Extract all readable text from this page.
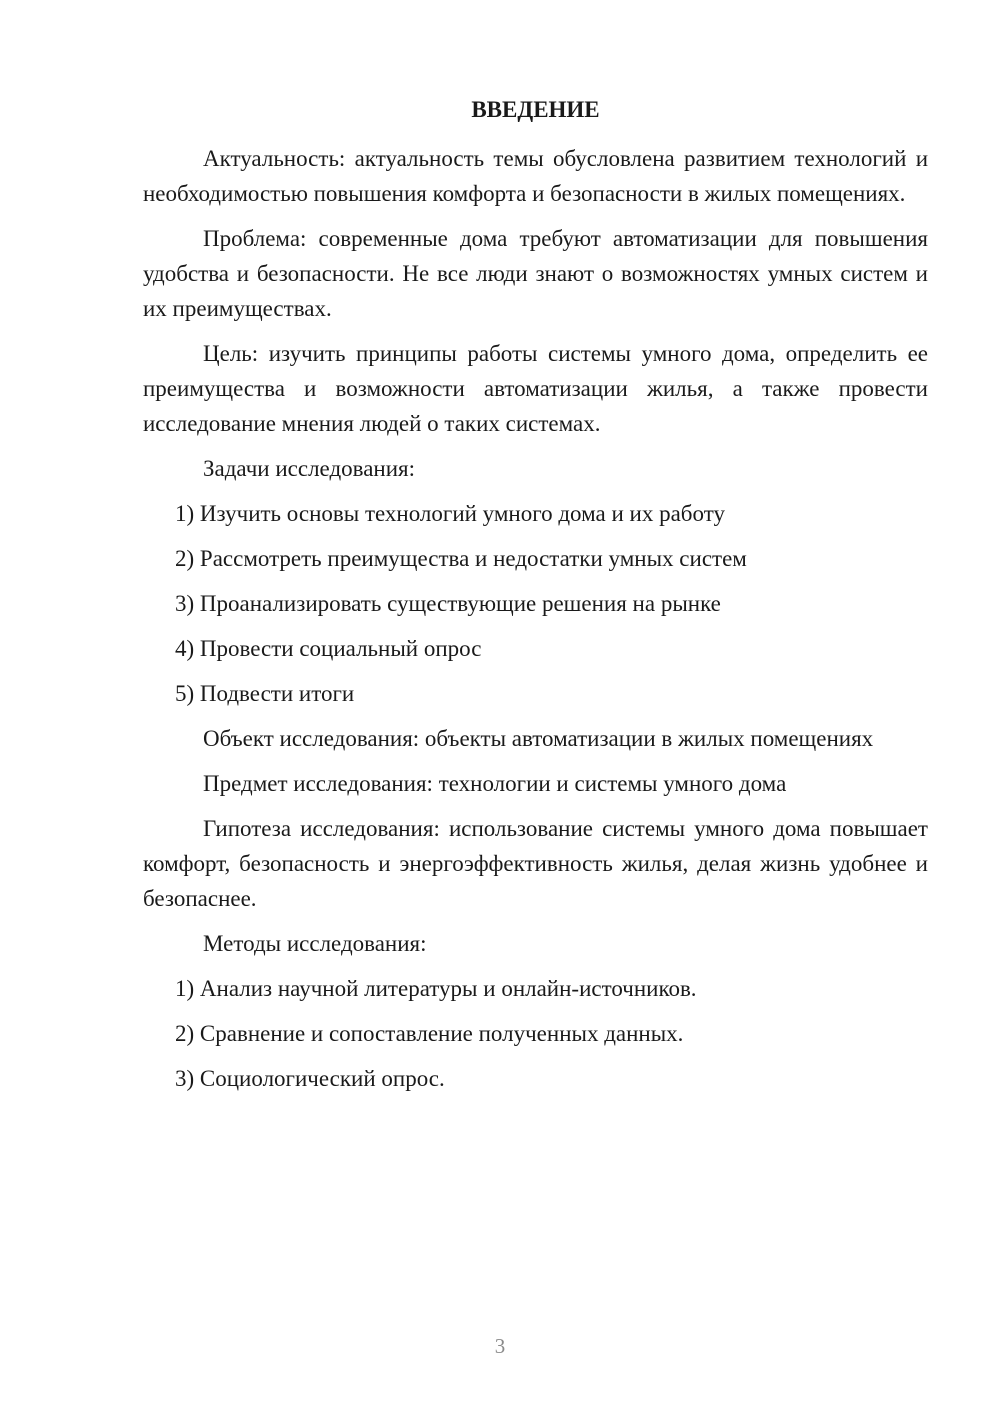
ВВЕДЕНИЕ

Актуальность: актуальность темы обусловлена развитием технологий и необходимостью повышения комфорта и безопасности в жилых помещениях.

Проблема: современные дома требуют автоматизации для повышения удобства и безопасности. Не все люди знают о возможностях умных систем и их преимуществах.

Цель: изучить принципы работы системы умного дома, определить ее преимущества и возможности автоматизации жилья, а также провести исследование мнения людей о таких системах.

Задачи исследования:

1) Изучить основы технологий умного дома и их работу
2) Рассмотреть преимущества и недостатки умных систем
3) Проанализировать существующие решения на рынке
4) Провести социальный опрос
5) Подвести итоги

Объект исследования: объекты автоматизации в жилых помещениях

Предмет исследования: технологии и системы умного дома

Гипотеза исследования: использование системы умного дома повышает комфорт, безопасность и энергоэффективность жилья, делая жизнь удобнее и безопаснее.

Методы исследования:

1) Анализ научной литературы и онлайн-источников.
2) Сравнение и сопоставление полученных данных.
3) Социологический опрос.
3
